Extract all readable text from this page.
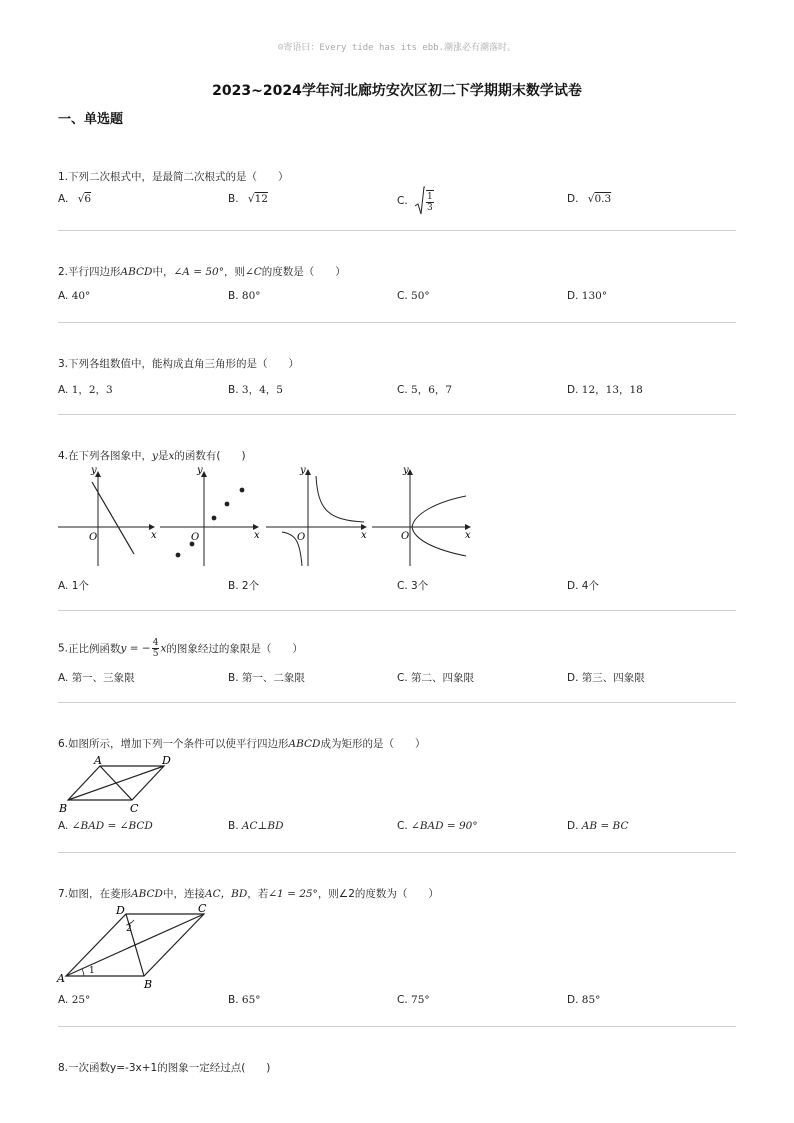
☺寄语曰：Every tide has its ebb.潮涨必有潮落时。
2023~2024学年河北廊坊安次区初二下学期期末数学试卷
一、单选题
1.下列二次根式中，是最简二次根式的是（　　）
A. √6	B. √12	C. $\frac{1}{3}$	D. √0.3
2.平行四边形ABCD中，∠A = 50°，则∠C的度数是（　　）
A. 40°	B. 80°	C. 50°	D. 130°
3.下列各组数值中，能构成直角三角形的是（　　）
A. 1，2，3	B. 3，4，5	C. 5，6，7	D. 12，13，18
4.在下列各图象中，y是x的函数有(　　)
y
x
O
y
x
O
y
x
O
y
x
O
A. 1个	B. 2个	C. 3个	D. 4个
5.正比例函数y = − $\frac{4}{5}$ x的图象经过的象限是（　　）
A. 第一、三象限	B. 第一、二象限	C. 第二、四象限	D. 第三、四象限
6.如图所示，增加下列一个条件可以使平行四边形ABCD成为矩形的是（　　）
A	D
B	C
A. ∠BAD = ∠BCD	B. AC⊥BD	C. ∠BAD = 90°	D. AB = BC
7.如图，在菱形ABCD中，连接AC，BD，若∠1 = 25°，则∠2的度数为（　　）
A	B
C
D
1
2
A. 25°	B. 65°	C. 75°	D. 85°
8.一次函数y=-3x+1的图象一定经过点(　　)
